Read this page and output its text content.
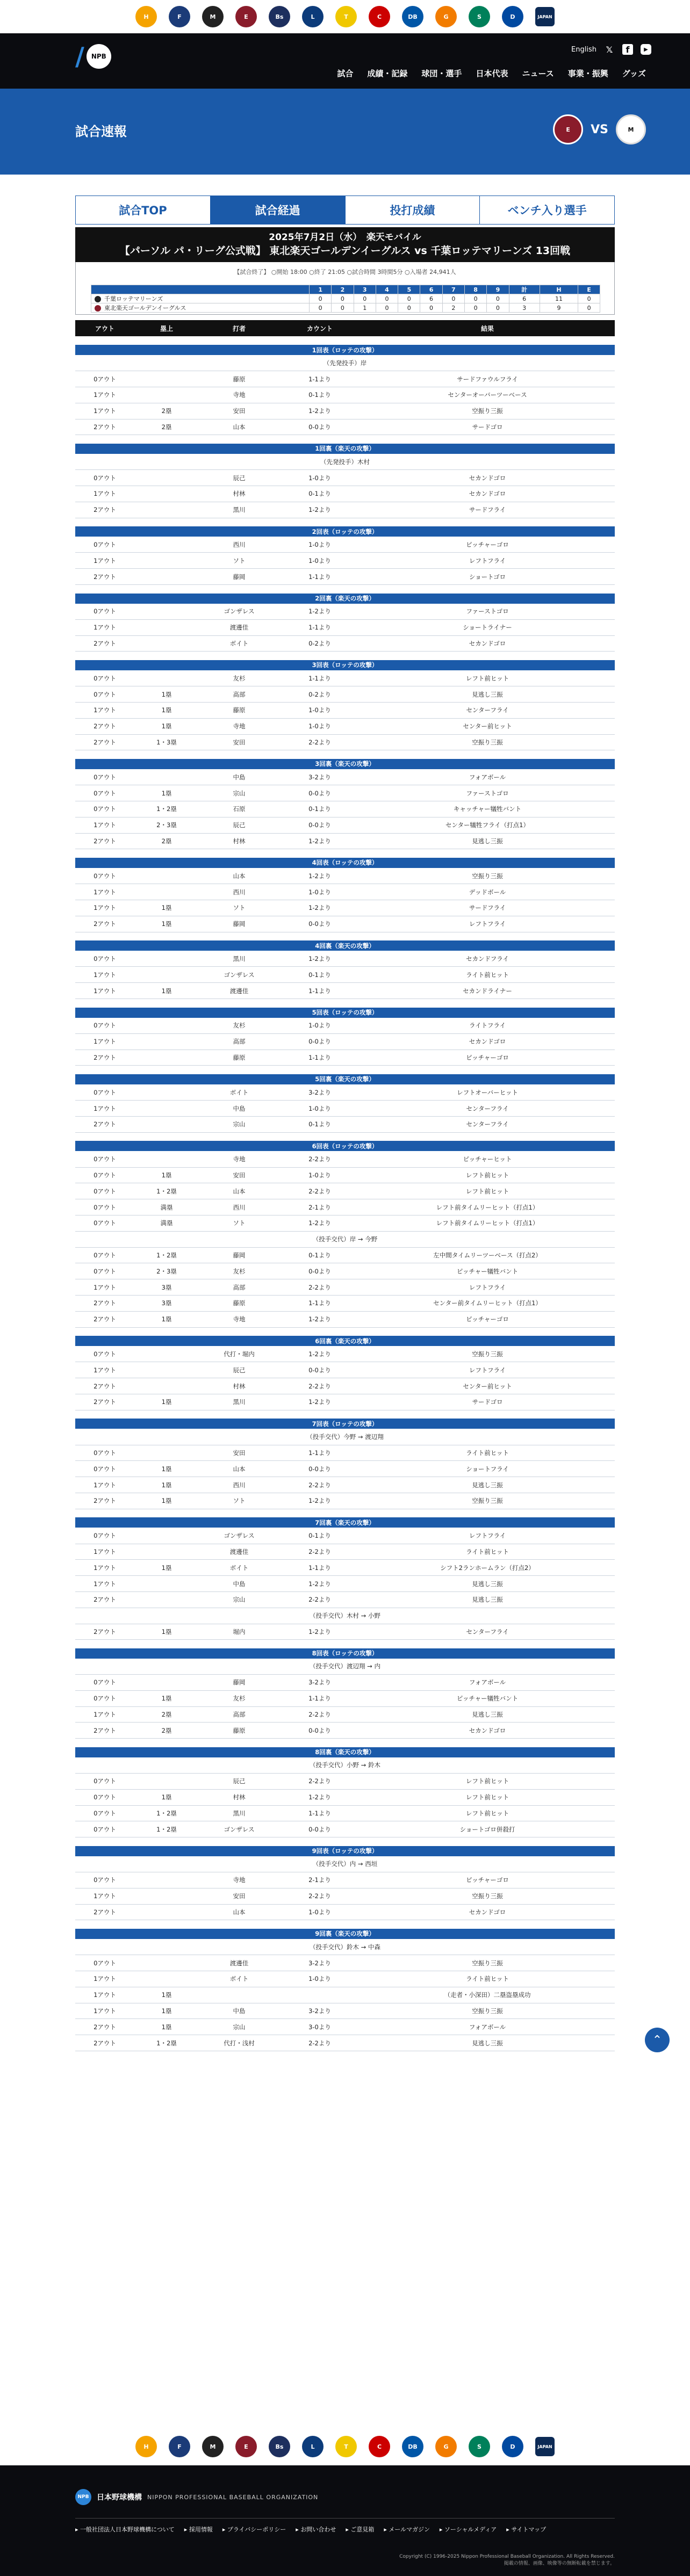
H	F	M	E	Bs	L	T	C	DB	G	S	D	JAPAN
/	NPB
English 𝕏	f	▶
試合 成績・記録 球団・選手 日本代表 ニュース 事業・振興 グッズ
試合速報	E	VS	M
試合TOP	試合経過	投打成績	ベンチ入り選手
2025年7月2日（水）　楽天モバイル
【パーソル パ・リーグ公式戦】 東北楽天ゴールデンイーグルス vs 千葉ロッテマリーンズ 13回戦
【試合終了】 ○開始 18:00 ○終了 21:05 ○試合時間 3時間5分 ○入場者 24,941人
	1	2	3	4	5	6	7	8	9	計	H	E
千葉ロッテマリーンズ	0	0	0	0	0	6	0	0	0	6	11	0
東北楽天ゴールデンイーグルス	0	0	1	0	0	0	2	0	0	3	9	0
アウト	塁上	打者	カウント	結果

1回表（ロッテの攻撃）				
（先発投手）岸				
0アウト		藤原	1-1より	サードファウルフライ
1アウト		寺地	0-1より	センターオーバーツーベース
1アウト	2塁	安田	1-2より	空振り三振
2アウト	2塁	山本	0-0より	サードゴロ

1回裏（楽天の攻撃）				
（先発投手）木村				
0アウト		辰己	1-0より	セカンドゴロ
1アウト		村林	0-1より	セカンドゴロ
2アウト		黒川	1-2より	サードフライ

2回表（ロッテの攻撃）				
0アウト		西川	1-0より	ピッチャーゴロ
1アウト		ソト	1-0より	レフトフライ
2アウト		藤岡	1-1より	ショートゴロ

2回裏（楽天の攻撃）				
0アウト		ゴンザレス	1-2より	ファーストゴロ
1アウト		渡邊佳	1-1より	ショートライナー
2アウト		ボイト	0-2より	セカンドゴロ

3回表（ロッテの攻撃）				
0アウト		友杉	1-1より	レフト前ヒット
0アウト	1塁	高部	0-2より	見逃し三振
1アウト	1塁	藤原	1-0より	センターフライ
2アウト	1塁	寺地	1-0より	センター前ヒット
2アウト	1・3塁	安田	2-2より	空振り三振

3回裏（楽天の攻撃）				
0アウト		中島	3-2より	フォアボール
0アウト	1塁	宗山	0-0より	ファーストゴロ
0アウト	1・2塁	石原	0-1より	キャッチャー犠牲バント
1アウト	2・3塁	辰己	0-0より	センター犠牲フライ（打点1）
2アウト	2塁	村林	1-2より	見逃し三振

4回表（ロッテの攻撃）				
0アウト		山本	1-2より	空振り三振
1アウト		西川	1-0より	デッドボール
1アウト	1塁	ソト	1-2より	サードフライ
2アウト	1塁	藤岡	0-0より	レフトフライ

4回裏（楽天の攻撃）				
0アウト		黒川	1-2より	セカンドフライ
1アウト		ゴンザレス	0-1より	ライト前ヒット
1アウト	1塁	渡邊佳	1-1より	セカンドライナー

5回表（ロッテの攻撃）				
0アウト		友杉	1-0より	ライトフライ
1アウト		高部	0-0より	セカンドゴロ
2アウト		藤原	1-1より	ピッチャーゴロ

5回裏（楽天の攻撃）				
0アウト		ボイト	3-2より	レフトオーバーヒット
1アウト		中島	1-0より	センターフライ
2アウト		宗山	0-1より	センターフライ

6回表（ロッテの攻撃）				
0アウト		寺地	2-2より	ピッチャーヒット
0アウト	1塁	安田	1-0より	レフト前ヒット
0アウト	1・2塁	山本	2-2より	レフト前ヒット
0アウト	満塁	西川	2-1より	レフト前タイムリーヒット（打点1）
0アウト	満塁	ソト	1-2より	レフト前タイムリーヒット（打点1）
（投手交代）岸 → 今野				
0アウト	1・2塁	藤岡	0-1より	左中間タイムリーツーベース（打点2）
0アウト	2・3塁	友杉	0-0より	ピッチャー犠牲バント
1アウト	3塁	高部	2-2より	レフトフライ
2アウト	3塁	藤原	1-1より	センター前タイムリーヒット（打点1）
2アウト	1塁	寺地	1-2より	ピッチャーゴロ

6回裏（楽天の攻撃）				
0アウト		代打・堀内	1-2より	空振り三振
1アウト		辰己	0-0より	レフトフライ
2アウト		村林	2-2より	センター前ヒット
2アウト	1塁	黒川	1-2より	サードゴロ

7回表（ロッテの攻撃）				
（投手交代）今野 → 渡辺翔				
0アウト		安田	1-1より	ライト前ヒット
0アウト	1塁	山本	0-0より	ショートフライ
1アウト	1塁	西川	2-2より	見逃し三振
2アウト	1塁	ソト	1-2より	空振り三振

7回裏（楽天の攻撃）				
0アウト		ゴンザレス	0-1より	レフトフライ
1アウト		渡邊佳	2-2より	ライト前ヒット
1アウト	1塁	ボイト	1-1より	シフト2ランホームラン（打点2）
1アウト		中島	1-2より	見逃し三振
2アウト		宗山	2-2より	見逃し三振
（投手交代）木村 → 小野				
2アウト	1塁	堀内	1-2より	センターフライ

8回表（ロッテの攻撃）				
（投手交代）渡辺翔 → 内				
0アウト		藤岡	3-2より	フォアボール
0アウト	1塁	友杉	1-1より	ピッチャー犠牲バント
1アウト	2塁	高部	2-2より	見逃し三振
2アウト	2塁	藤原	0-0より	セカンドゴロ

8回裏（楽天の攻撃）				
（投手交代）小野 → 鈴木				
0アウト		辰己	2-2より	レフト前ヒット
0アウト	1塁	村林	1-2より	レフト前ヒット
0アウト	1・2塁	黒川	1-1より	レフト前ヒット
0アウト	1・2塁	ゴンザレス	0-0より	ショートゴロ併殺打

9回表（ロッテの攻撃）				
（投手交代）内 → 西垣				
0アウト		寺地	2-1より	ピッチャーゴロ
1アウト		安田	2-2より	空振り三振
2アウト		山本	1-0より	セカンドゴロ

9回裏（楽天の攻撃）				
（投手交代）鈴木 → 中森				
0アウト		渡邊佳	3-2より	空振り三振
1アウト		ボイト	1-0より	ライト前ヒット
1アウト	1塁			（走者・小深田）二塁盗塁成功
1アウト	1塁	中島	3-2より	空振り三振
2アウト	1塁	宗山	3-0より	フォアボール
2アウト	1・2塁	代打・浅村	2-2より	見逃し三振	⌃
H	F	M	E	Bs	L	T	C	DB	G	S	D	JAPAN
NPB	日本野球機構 NIPPON PROFESSIONAL BASEBALL ORGANIZATION
▸ 一般社団法人日本野球機構について ▸ 採用情報 ▸ プライバシーポリシー ▸ お問い合わせ ▸ ご意見箱 ▸ メールマガジン ▸ ソーシャルメディア ▸ サイトマップ
Copyright (C) 1996-2025 Nippon Professional Baseball Organization. All Rights Reserved.
掲載の情報、画像、映像等の無断転載を禁じます。
